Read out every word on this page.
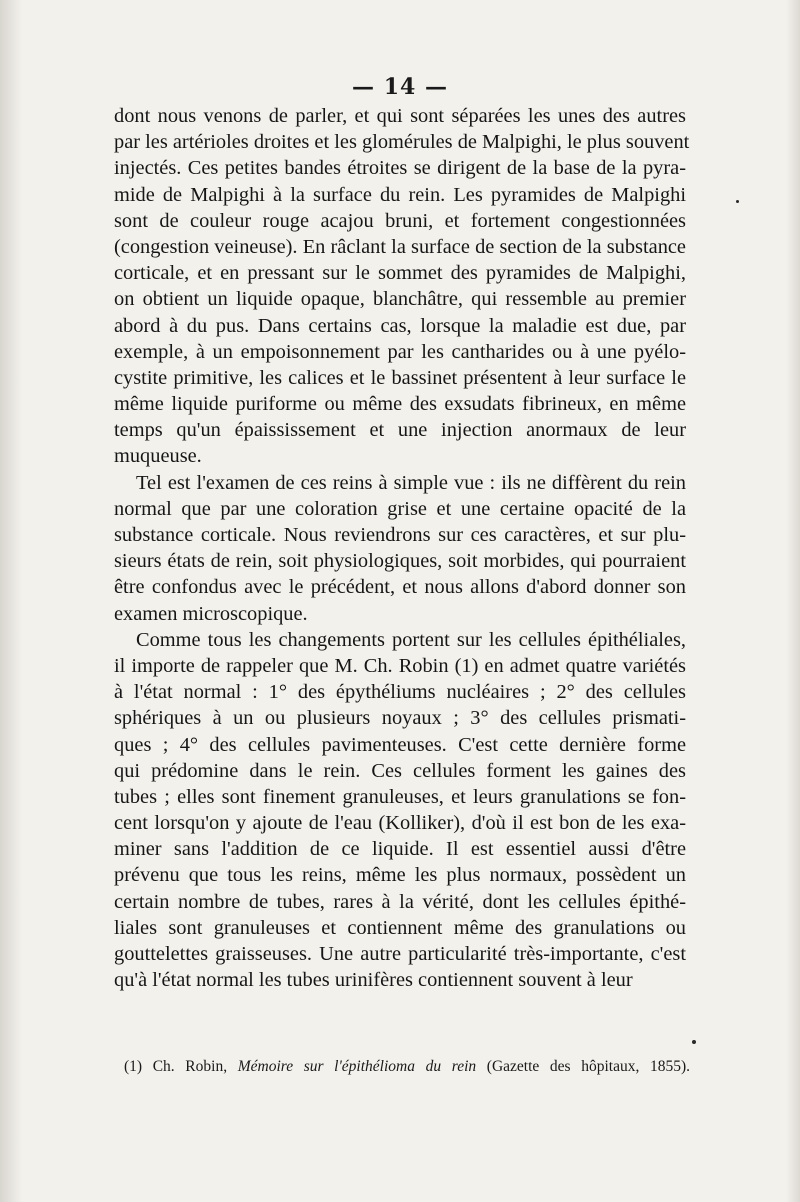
— 14 —

dont nous venons de parler, et qui sont séparées les unes des autres
par les artérioles droites et les glomérules de Malpighi, le plus souvent
injectés. Ces petites bandes étroites se dirigent de la base de la pyra-
mide de Malpighi à la surface du rein. Les pyramides de Malpighi
sont de couleur rouge acajou bruni, et fortement congestionnées
(congestion veineuse). En râclant la surface de section de la substance
corticale, et en pressant sur le sommet des pyramides de Malpighi,
on obtient un liquide opaque, blanchâtre, qui ressemble au premier
abord à du pus. Dans certains cas, lorsque la maladie est due, par
exemple, à un empoisonnement par les cantharides ou à une pyélo-
cystite primitive, les calices et le bassinet présentent à leur surface le
même liquide puriforme ou même des exsudats fibrineux, en même
temps qu'un épaississement et une injection anormaux de leur
muqueuse.

Tel est l'examen de ces reins à simple vue : ils ne diffèrent du rein
normal que par une coloration grise et une certaine opacité de la
substance corticale. Nous reviendrons sur ces caractères, et sur plu-
sieurs états de rein, soit physiologiques, soit morbides, qui pourraient
être confondus avec le précédent, et nous allons d'abord donner son
examen microscopique.

Comme tous les changements portent sur les cellules épithéliales,
il importe de rappeler que M. Ch. Robin (1) en admet quatre variétés
à l'état normal : 1° des épythéliums nucléaires ; 2° des cellules
sphériques à un ou plusieurs noyaux ; 3° des cellules prismati-
ques ; 4° des cellules pavimenteuses. C'est cette dernière forme
qui prédomine dans le rein. Ces cellules forment les gaines des
tubes ; elles sont finement granuleuses, et leurs granulations se fon-
cent lorsqu'on y ajoute de l'eau (Kolliker), d'où il est bon de les exa-
miner sans l'addition de ce liquide. Il est essentiel aussi d'être
prévenu que tous les reins, même les plus normaux, possèdent un
certain nombre de tubes, rares à la vérité, dont les cellules épithé-
liales sont granuleuses et contiennent même des granulations ou
gouttelettes graisseuses. Une autre particularité très-importante, c'est
qu'à l'état normal les tubes urinifères contiennent souvent à leur

(1) Ch. Robin, Mémoire sur l'épithélioma du rein (Gazette des hôpitaux, 1855).
